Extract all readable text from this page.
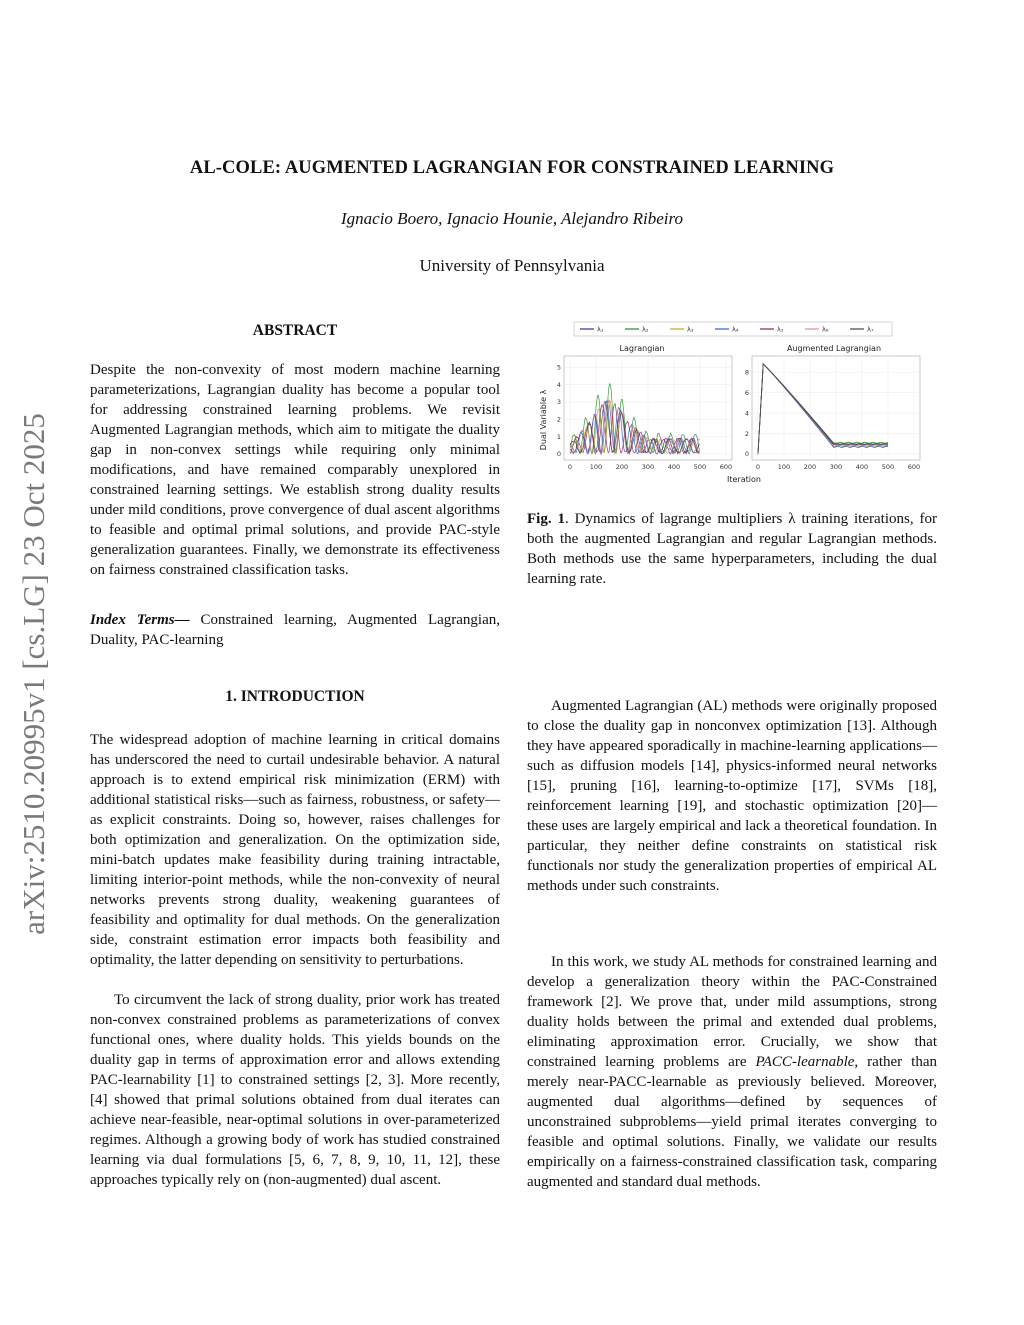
arXiv:2510.20995v1 [cs.LG] 23 Oct 2025
AL-COLE: AUGMENTED LAGRANGIAN FOR CONSTRAINED LEARNING
Ignacio Boero, Ignacio Hounie, Alejandro Ribeiro
University of Pennsylvania
ABSTRACT

Despite the non-convexity of most modern machine learning parameterizations, Lagrangian duality has become a popular tool for addressing constrained learning problems. We revisit Augmented Lagrangian methods, which aim to mitigate the duality gap in non-convex settings while requiring only minimal modifications, and have remained comparably unexplored in constrained learning settings. We establish strong duality results under mild conditions, prove convergence of dual ascent algorithms to feasible and optimal primal solutions, and provide PAC-style generalization guarantees. Finally, we demonstrate its effectiveness on fairness constrained classification tasks.

Index Terms— Constrained learning, Augmented Lagrangian, Duality, PAC-learning

λ₁	λ₂	λ₃	λ₄	λ₅	λ₆	λ₇
Lagrangian	Augmented Lagrangian
Dual Variable λ
0	100 200 300 400 500 600
0
1
2
3
4
5
0	100 200 300 400 500 600
0
2
4
6
8
Iteration

Fig. 1. Dynamics of lagrange multipliers λ training iterations, for both the augmented Lagrangian and regular Lagrangian methods. Both methods use the same hyperparameters, including the dual learning rate.

1. INTRODUCTION

The widespread adoption of machine learning in critical domains has underscored the need to curtail undesirable behavior. A natural approach is to extend empirical risk minimization (ERM) with additional statistical risks—such as fairness, robustness, or safety—as explicit constraints. Doing so, however, raises challenges for both optimization and generalization. On the optimization side, mini-batch updates make feasibility during training intractable, limiting interior-point methods, while the non-convexity of neural networks prevents strong duality, weakening guarantees of feasibility and optimality for dual methods. On the generalization side, constraint estimation error impacts both feasibility and optimality, the latter depending on sensitivity to perturbations.

To circumvent the lack of strong duality, prior work has treated non-convex constrained problems as parameterizations of convex functional ones, where duality holds. This yields bounds on the duality gap in terms of approximation error and allows extending PAC-learnability [1] to constrained settings [2, 3]. More recently, [4] showed that primal solutions obtained from dual iterates can achieve near-feasible, near-optimal solutions in over-parameterized regimes. Although a growing body of work has studied constrained learning via dual formulations [5, 6, 7, 8, 9, 10, 11, 12], these approaches typically rely on (non-augmented) dual ascent.

Augmented Lagrangian (AL) methods were originally proposed to close the duality gap in nonconvex optimization [13]. Although they have appeared sporadically in machine-learning applications—such as diffusion models [14], physics-informed neural networks [15], pruning [16], learning-to-optimize [17], SVMs [18], reinforcement learning [19], and stochastic optimization [20]—these uses are largely empirical and lack a theoretical foundation. In particular, they neither define constraints on statistical risk functionals nor study the generalization properties of empirical AL methods under such constraints.

In this work, we study AL methods for constrained learning and develop a generalization theory within the PAC-Constrained framework [2]. We prove that, under mild assumptions, strong duality holds between the primal and extended dual problems, eliminating approximation error. Crucially, we show that constrained learning problems are PACC-learnable, rather than merely near-PACC-learnable as previously believed. Moreover, augmented dual algorithms—defined by sequences of unconstrained subproblems—yield primal iterates converging to feasible and optimal solutions. Finally, we validate our results empirically on a fairness-constrained classification task, comparing augmented and standard dual methods.
